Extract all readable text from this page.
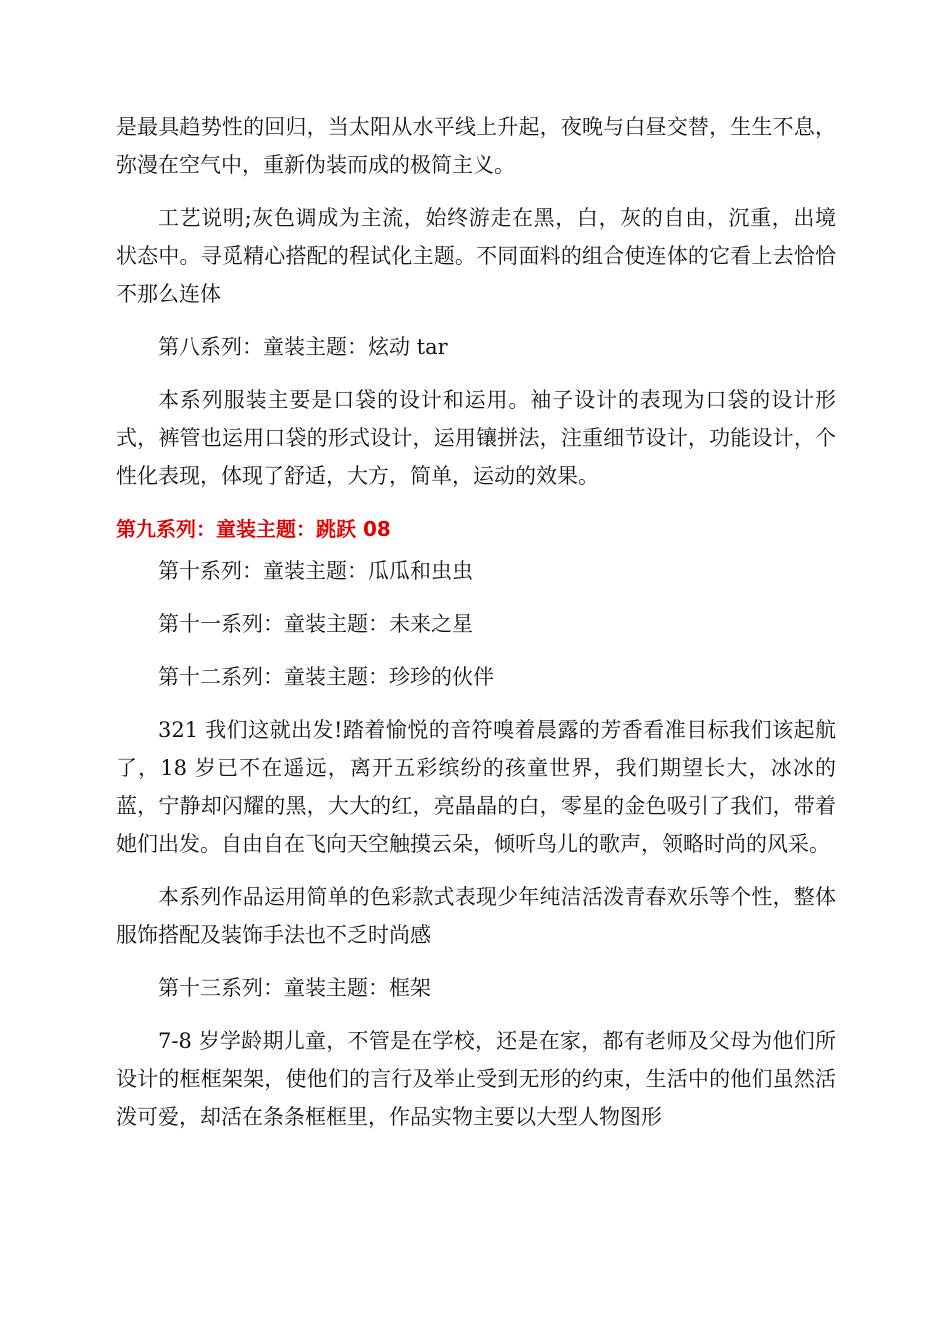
是最具趋势性的回归，当太阳从水平线上升起，夜晚与白昼交替，生生不息，弥漫在空气中，重新伪装而成的极简主义。

工艺说明;灰色调成为主流，始终游走在黑，白，灰的自由，沉重，出境状态中。寻觅精心搭配的程试化主题。不同面料的组合使连体的它看上去恰恰不那么连体

第八系列：童装主题：炫动 tar

本系列服装主要是口袋的设计和运用。袖子设计的表现为口袋的设计形式，裤管也运用口袋的形式设计，运用镶拼法，注重细节设计，功能设计，个性化表现，体现了舒适，大方，简单，运动的效果。

第九系列：童装主题：跳跃 08

第十系列：童装主题：瓜瓜和虫虫

第十一系列：童装主题：未来之星

第十二系列：童装主题：珍珍的伙伴

321 我们这就出发!踏着愉悦的音符嗅着晨露的芳香看准目标我们该起航了，18 岁已不在遥远，离开五彩缤纷的孩童世界，我们期望长大，冰冰的蓝，宁静却闪耀的黑，大大的红，亮晶晶的白，零星的金色吸引了我们，带着她们出发。自由自在飞向天空触摸云朵，倾听鸟儿的歌声，领略时尚的风采。

本系列作品运用简单的色彩款式表现少年纯洁活泼青春欢乐等个性，整体服饰搭配及装饰手法也不乏时尚感

第十三系列：童装主题：框架

7-8 岁学龄期儿童，不管是在学校，还是在家，都有老师及父母为他们所设计的框框架架，使他们的言行及举止受到无形的约束，生活中的他们虽然活泼可爱，却活在条条框框里，作品实物主要以大型人物图形
